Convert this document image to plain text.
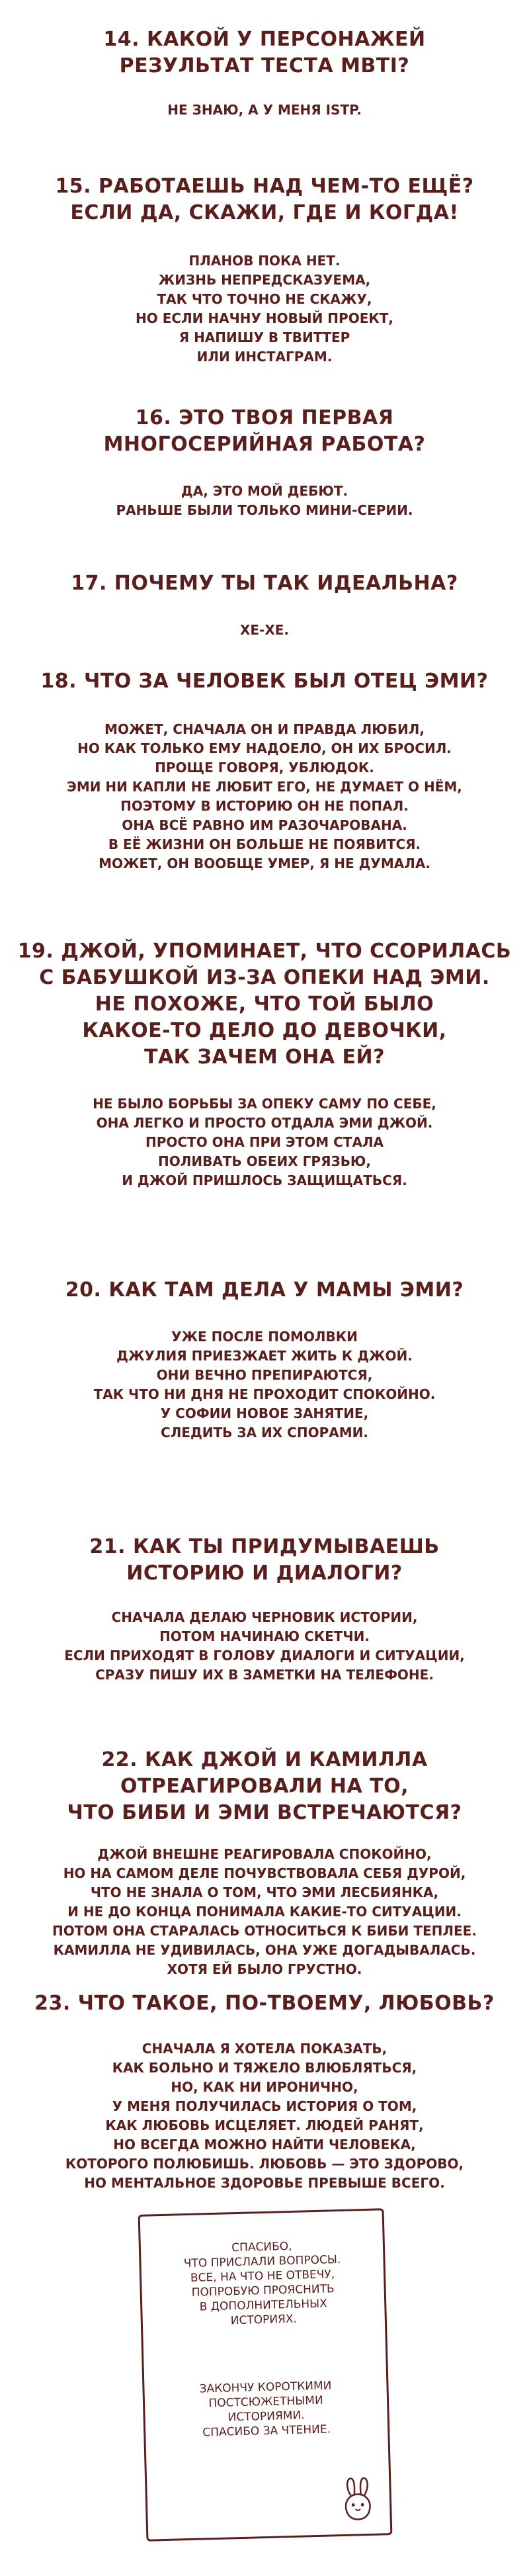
14. КАКОЙ У ПЕРСОНАЖЕЙ
РЕЗУЛЬТАТ ТЕСТА MBTI?

НЕ ЗНАЮ, А У МЕНЯ ISTP.

15. РАБОТАЕШЬ НАД ЧЕМ-ТО ЕЩЁ?
ЕСЛИ ДА, СКАЖИ, ГДЕ И КОГДА!

ПЛАНОВ ПОКА НЕТ.
ЖИЗНЬ НЕПРЕДСКАЗУЕМА,
ТАК ЧТО ТОЧНО НЕ СКАЖУ,
НО ЕСЛИ НАЧНУ НОВЫЙ ПРОЕКТ,
Я НАПИШУ В ТВИТТЕР
ИЛИ ИНСТАГРАМ.

16. ЭТО ТВОЯ ПЕРВАЯ
МНОГОСЕРИЙНАЯ РАБОТА?

ДА, ЭТО МОЙ ДЕБЮТ.
РАНЬШЕ БЫЛИ ТОЛЬКО МИНИ-СЕРИИ.

17. ПОЧЕМУ ТЫ ТАК ИДЕАЛЬНА?

ХЕ-ХЕ.

18. ЧТО ЗА ЧЕЛОВЕК БЫЛ ОТЕЦ ЭМИ?

МОЖЕТ, СНАЧАЛА ОН И ПРАВДА ЛЮБИЛ,
НО КАК ТОЛЬКО ЕМУ НАДОЕЛО, ОН ИХ БРОСИЛ.
ПРОЩЕ ГОВОРЯ, УБЛЮДОК.
ЭМИ НИ КАПЛИ НЕ ЛЮБИТ ЕГО, НЕ ДУМАЕТ О НЁМ,
ПОЭТОМУ В ИСТОРИЮ ОН НЕ ПОПАЛ.
ОНА ВСЁ РАВНО ИМ РАЗОЧАРОВАНА.
В ЕЁ ЖИЗНИ ОН БОЛЬШЕ НЕ ПОЯВИТСЯ.
МОЖЕТ, ОН ВООБЩЕ УМЕР, Я НЕ ДУМАЛА.

19. ДЖОЙ, УПОМИНАЕТ, ЧТО ССОРИЛАСЬ
С БАБУШКОЙ ИЗ-ЗА ОПЕКИ НАД ЭМИ.
НЕ ПОХОЖЕ, ЧТО ТОЙ БЫЛО
КАКОЕ-ТО ДЕЛО ДО ДЕВОЧКИ,
ТАК ЗАЧЕМ ОНА ЕЙ?

НЕ БЫЛО БОРЬБЫ ЗА ОПЕКУ САМУ ПО СЕБЕ,
ОНА ЛЕГКО И ПРОСТО ОТДАЛА ЭМИ ДЖОЙ.
ПРОСТО ОНА ПРИ ЭТОМ СТАЛА
ПОЛИВАТЬ ОБЕИХ ГРЯЗЬЮ,
И ДЖОЙ ПРИШЛОСЬ ЗАЩИЩАТЬСЯ.

20. КАК ТАМ ДЕЛА У МАМЫ ЭМИ?

УЖЕ ПОСЛЕ ПОМОЛВКИ
ДЖУЛИЯ ПРИЕЗЖАЕТ ЖИТЬ К ДЖОЙ.
ОНИ ВЕЧНО ПРЕПИРАЮТСЯ,
ТАК ЧТО НИ ДНЯ НЕ ПРОХОДИТ СПОКОЙНО.
У СОФИИ НОВОЕ ЗАНЯТИЕ,
СЛЕДИТЬ ЗА ИХ СПОРАМИ.

21. КАК ТЫ ПРИДУМЫВАЕШЬ
ИСТОРИЮ И ДИАЛОГИ?

СНАЧАЛА ДЕЛАЮ ЧЕРНОВИК ИСТОРИИ,
ПОТОМ НАЧИНАЮ СКЕТЧИ.
ЕСЛИ ПРИХОДЯТ В ГОЛОВУ ДИАЛОГИ И СИТУАЦИИ,
СРАЗУ ПИШУ ИХ В ЗАМЕТКИ НА ТЕЛЕФОНЕ.

22. КАК ДЖОЙ И КАМИЛЛА
ОТРЕАГИРОВАЛИ НА ТО,
ЧТО БИБИ И ЭМИ ВСТРЕЧАЮТСЯ?

ДЖОЙ ВНЕШНЕ РЕАГИРОВАЛА СПОКОЙНО,
НО НА САМОМ ДЕЛЕ ПОЧУВСТВОВАЛА СЕБЯ ДУРОЙ,
ЧТО НЕ ЗНАЛА О ТОМ, ЧТО ЭМИ ЛЕСБИЯНКА,
И НЕ ДО КОНЦА ПОНИМАЛА КАКИЕ-ТО СИТУАЦИИ.
ПОТОМ ОНА СТАРАЛАСЬ ОТНОСИТЬСЯ К БИБИ ТЕПЛЕЕ.
КАМИЛЛА НЕ УДИВИЛАСЬ, ОНА УЖЕ ДОГАДЫВАЛАСЬ.
ХОТЯ ЕЙ БЫЛО ГРУСТНО.

23. ЧТО ТАКОЕ, ПО-ТВОЕМУ, ЛЮБОВЬ?

СНАЧАЛА Я ХОТЕЛА ПОКАЗАТЬ,
КАК БОЛЬНО И ТЯЖЕЛО ВЛЮБЛЯТЬСЯ,
НО, КАК НИ ИРОНИЧНО,
У МЕНЯ ПОЛУЧИЛАСЬ ИСТОРИЯ О ТОМ,
КАК ЛЮБОВЬ ИСЦЕЛЯЕТ. ЛЮДЕЙ РАНЯТ,
НО ВСЕГДА МОЖНО НАЙТИ ЧЕЛОВЕКА,
КОТОРОГО ПОЛЮБИШЬ. ЛЮБОВЬ — ЭТО ЗДОРОВО,
НО МЕНТАЛЬНОЕ ЗДОРОВЬЕ ПРЕВЫШЕ ВСЕГО.

СПАСИБО,
ЧТО ПРИСЛАЛИ ВОПРОСЫ.
ВСЕ, НА ЧТО НЕ ОТВЕЧУ,
ПОПРОБУЮ ПРОЯСНИТЬ
В ДОПОЛНИТЕЛЬНЫХ
ИСТОРИЯХ.

ЗАКОНЧУ КОРОТКИМИ
ПОСТСЮЖЕТНЫМИ
ИСТОРИЯМИ.
СПАСИБО ЗА ЧТЕНИЕ.
